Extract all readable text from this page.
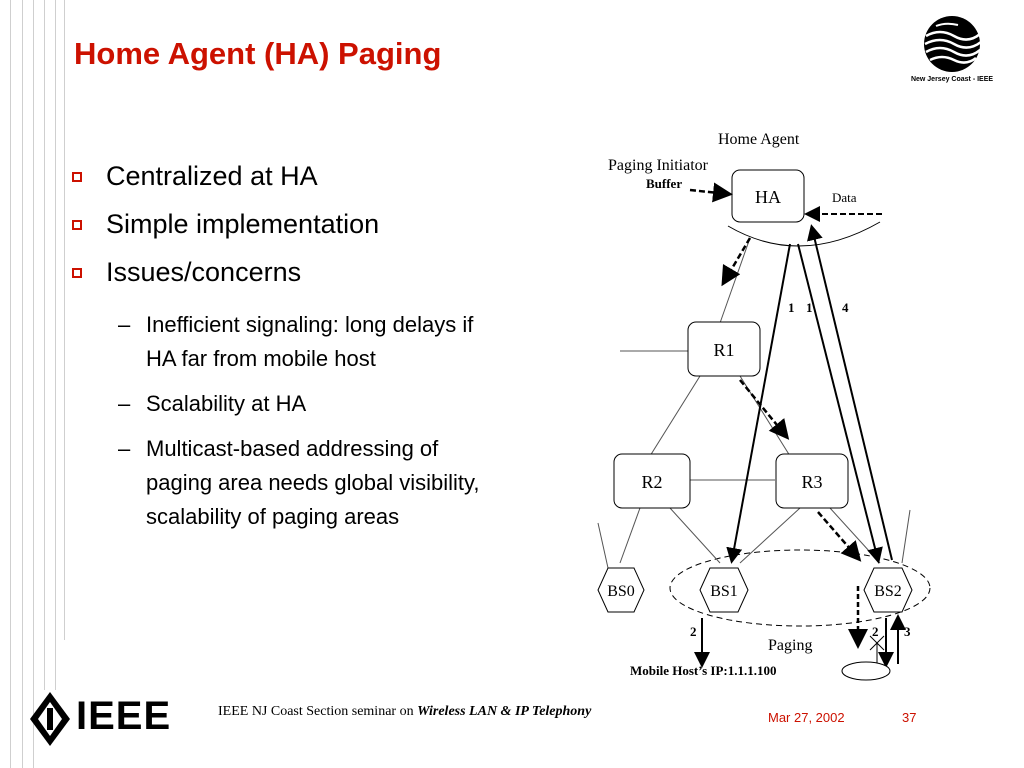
Home Agent (HA) Paging
New Jersey Coast - IEEE
Centralized at HA
Simple implementation
Issues/concerns
– Inefficient signaling: long delays if HA far from mobile host
– Scalability at HA
– Multicast-based addressing of paging area needs global visibility, scalability of paging areas
HA
R1
R2	R3
BS0	BS1	BS2
Home Agent
Paging Initiator
Buffer
Data
1 1 4
2	2 3
Paging
Mobile Host’s IP:1.1.1.100
IEEE	IEEE NJ Coast Section seminar on Wireless LAN & IP Telephony	Mar 27, 2002	37
